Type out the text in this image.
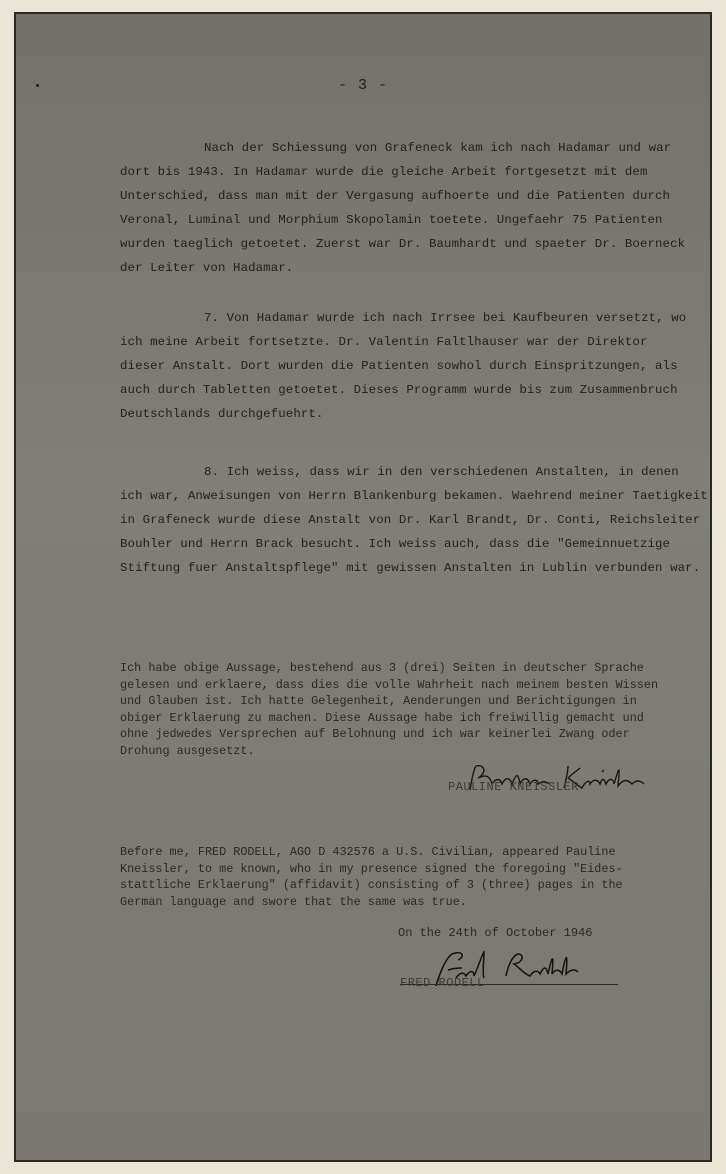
- 3 -
Nach der Schiessung von Grafeneck kam ich nach Hadamar und war
dort bis 1943. In Hadamar wurde die gleiche Arbeit fortgesetzt mit dem
Unterschied, dass man mit der Vergasung aufhoerte und die Patienten durch
Veronal, Luminal und Morphium Skopolamin toetete. Ungefaehr 75 Patienten
wurden taeglich getoetet. Zuerst war Dr. Baumhardt und spaeter Dr. Boerneck
der Leiter von Hadamar.
7. Von Hadamar wurde ich nach Irrsee bei Kaufbeuren versetzt, wo
ich meine Arbeit fortsetzte. Dr. Valentin Faltlhauser war der Direktor
dieser Anstalt. Dort wurden die Patienten sowhol durch Einspritzungen, als
auch durch Tabletten getoetet. Dieses Programm wurde bis zum Zusammenbruch
Deutschlands durchgefuehrt.
8. Ich weiss, dass wir in den verschiedenen Anstalten, in denen
ich war, Anweisungen von Herrn Blankenburg bekamen. Waehrend meiner Taetigkeit
in Grafeneck wurde diese Anstalt von Dr. Karl Brandt, Dr. Conti, Reichsleiter
Bouhler und Herrn Brack besucht. Ich weiss auch, dass die "Gemeinnuetzige
Stiftung fuer Anstaltspflege" mit gewissen Anstalten in Lublin verbunden war.
Ich habe obige Aussage, bestehend aus 3 (drei) Seiten in deutscher Sprache
gelesen und erklaere, dass dies die volle Wahrheit nach meinem besten Wissen
und Glauben ist. Ich hatte Gelegenheit, Aenderungen und Berichtigungen in
obiger Erklaerung zu machen. Diese Aussage habe ich freiwillig gemacht und
ohne jedwedes Versprechen auf Belohnung und ich war keinerlei Zwang oder
Drohung ausgesetzt.
PAULINE KNEISSLER
Before me, FRED RODELL, AGO D 432576 a U.S. Civilian, appeared Pauline
Kneissler, to me known, who in my presence signed the foregoing "Eides-
stattliche Erklaerung" (affidavit) consisting of 3 (three) pages in the
German language and swore that the same was true.
On the 24th of October 1946
FRED RODELL
